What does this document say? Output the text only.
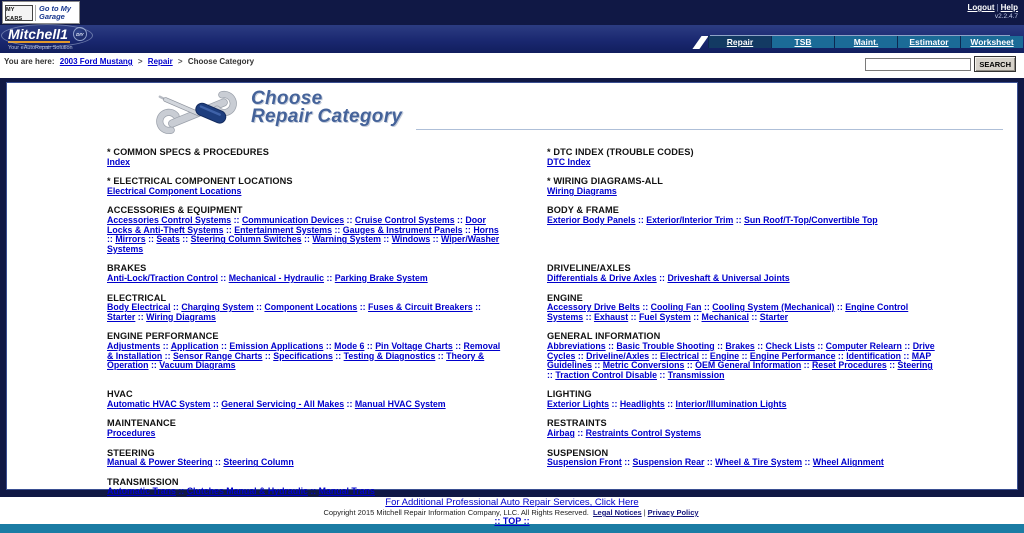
MY CARS
Go to My Garage
Logout | Help
v2.2.4.7
Mitchell1	DIY
Your eAutoRepair Solution
Repair	TSB	Maint.	Estimator	Worksheet
You are here: 2003 Ford Mustang > Repair > Choose Category	SEARCH
Choose
Repair Category
* COMMON SPECS & PROCEDURES
Index
* DTC INDEX (TROUBLE CODES)
DTC Index
* ELECTRICAL COMPONENT LOCATIONS
Electrical Component Locations
* WIRING DIAGRAMS-ALL
Wiring Diagrams
ACCESSORIES & EQUIPMENT
Accessories Control Systems :: Communication Devices :: Cruise Control Systems :: Door Locks & Anti-Theft Systems :: Entertainment Systems :: Gauges & Instrument Panels :: Horns :: Mirrors :: Seats :: Steering Column Switches :: Warning System :: Windows :: Wiper/Washer Systems
BODY & FRAME
Exterior Body Panels :: Exterior/Interior Trim :: Sun Roof/T-Top/Convertible Top
BRAKES
Anti-Lock/Traction Control :: Mechanical - Hydraulic :: Parking Brake System
DRIVELINE/AXLES
Differentials & Drive Axles :: Driveshaft & Universal Joints
ELECTRICAL
Body Electrical :: Charging System :: Component Locations :: Fuses & Circuit Breakers :: Starter :: Wiring Diagrams
ENGINE
Accessory Drive Belts :: Cooling Fan :: Cooling System (Mechanical) :: Engine Control Systems :: Exhaust :: Fuel System :: Mechanical :: Starter
ENGINE PERFORMANCE
Adjustments :: Application :: Emission Applications :: Mode 6 :: Pin Voltage Charts :: Removal & Installation :: Sensor Range Charts :: Specifications :: Testing & Diagnostics :: Theory & Operation :: Vacuum Diagrams
GENERAL INFORMATION
Abbreviations :: Basic Trouble Shooting :: Brakes :: Check Lists :: Computer Relearn :: Drive Cycles :: Driveline/Axles :: Electrical :: Engine :: Engine Performance :: Identification :: MAP Guidelines :: Metric Conversions :: OEM General Information :: Reset Procedures :: Steering :: Traction Control Disable :: Transmission
HVAC
Automatic HVAC System :: General Servicing - All Makes :: Manual HVAC System
LIGHTING
Exterior Lights :: Headlights :: Interior/Illumination Lights
MAINTENANCE
Procedures
RESTRAINTS
Airbag :: Restraints Control Systems
STEERING
Manual & Power Steering :: Steering Column
SUSPENSION
Suspension Front :: Suspension Rear :: Wheel & Tire System :: Wheel Alignment
TRANSMISSION
Automatic Trans :: Clutches Manual & Hydraulic :: Manual Trans
For Additional Professional Auto Repair Services, Click Here
Copyright 2015 Mitchell Repair Information Company, LLC. All Rights Reserved. Legal Notices | Privacy Policy
:: TOP ::
